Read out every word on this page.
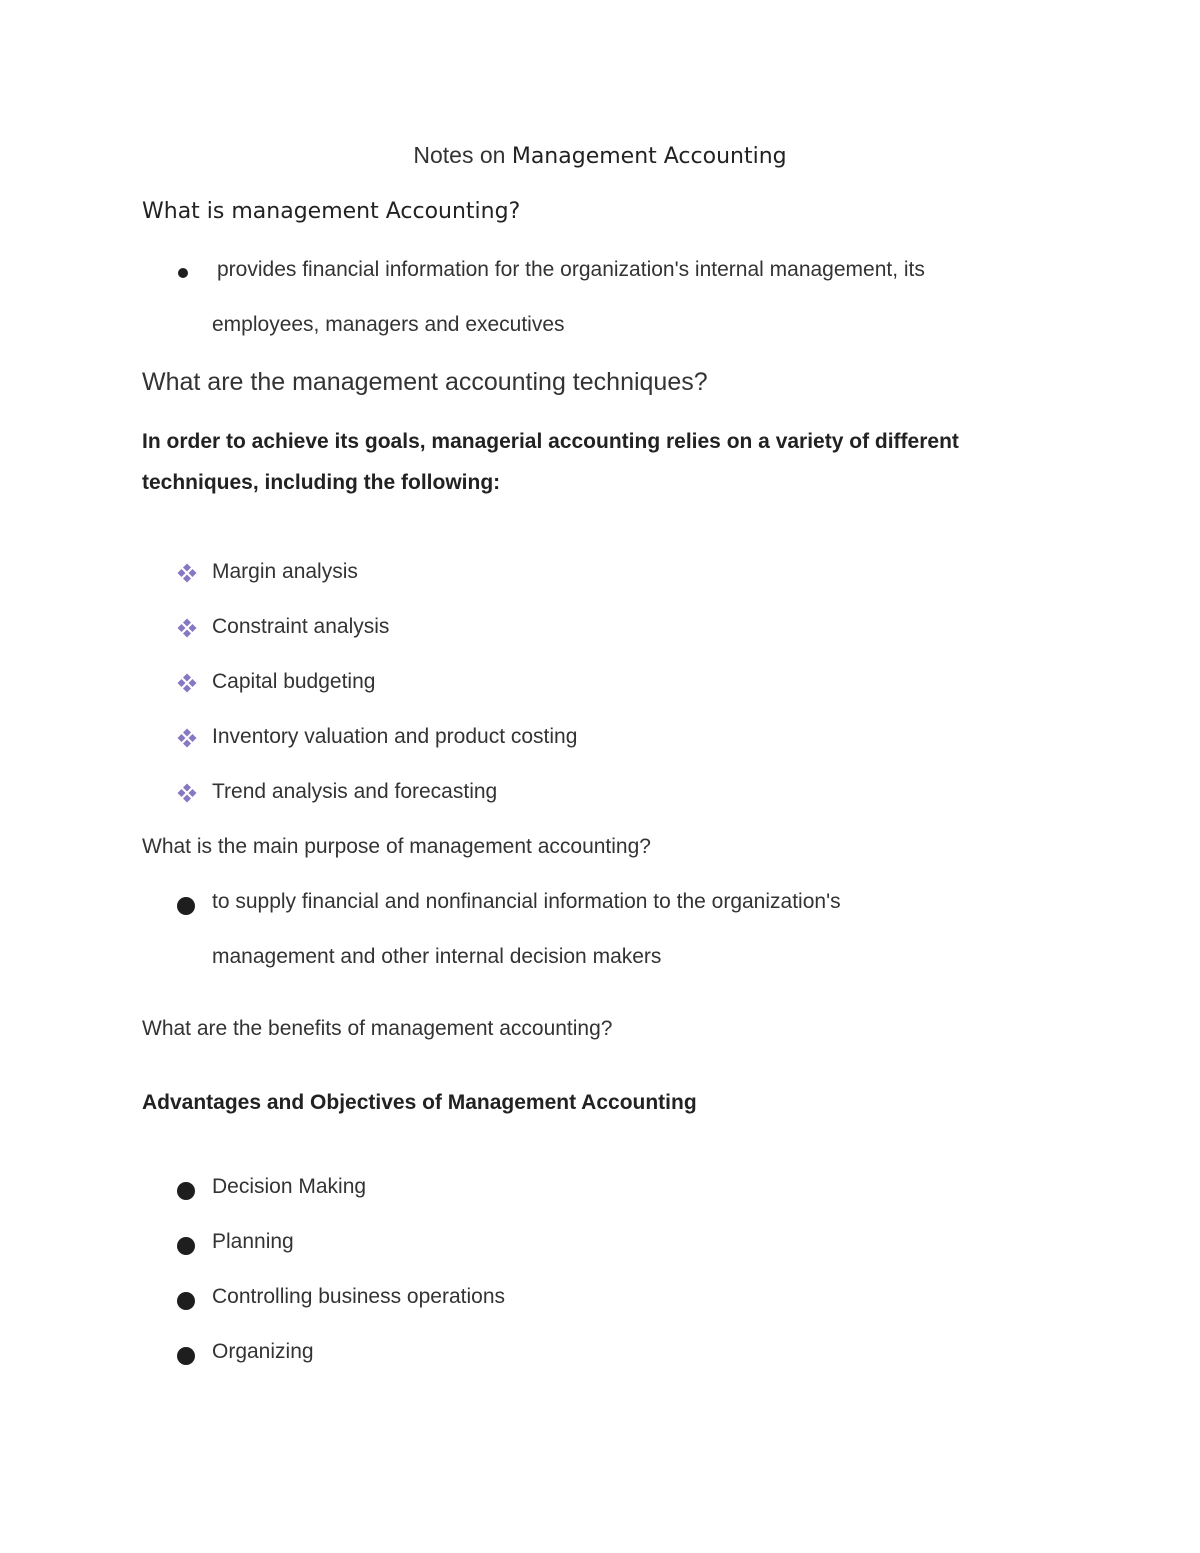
Notes on Management Accounting
What is management Accounting?
provides financial information for the organization's internal management, its
employees, managers and executives
What are the management accounting techniques?
In order to achieve its goals, managerial accounting relies on a variety of different
techniques, including the following:
Margin analysis
Constraint analysis
Capital budgeting
Inventory valuation and product costing
Trend analysis and forecasting
What is the main purpose of management accounting?
to supply financial and nonfinancial information to the organization's
management and other internal decision makers
What are the benefits of management accounting?
Advantages and Objectives of Management Accounting
Decision Making
Planning
Controlling business operations
Organizing
